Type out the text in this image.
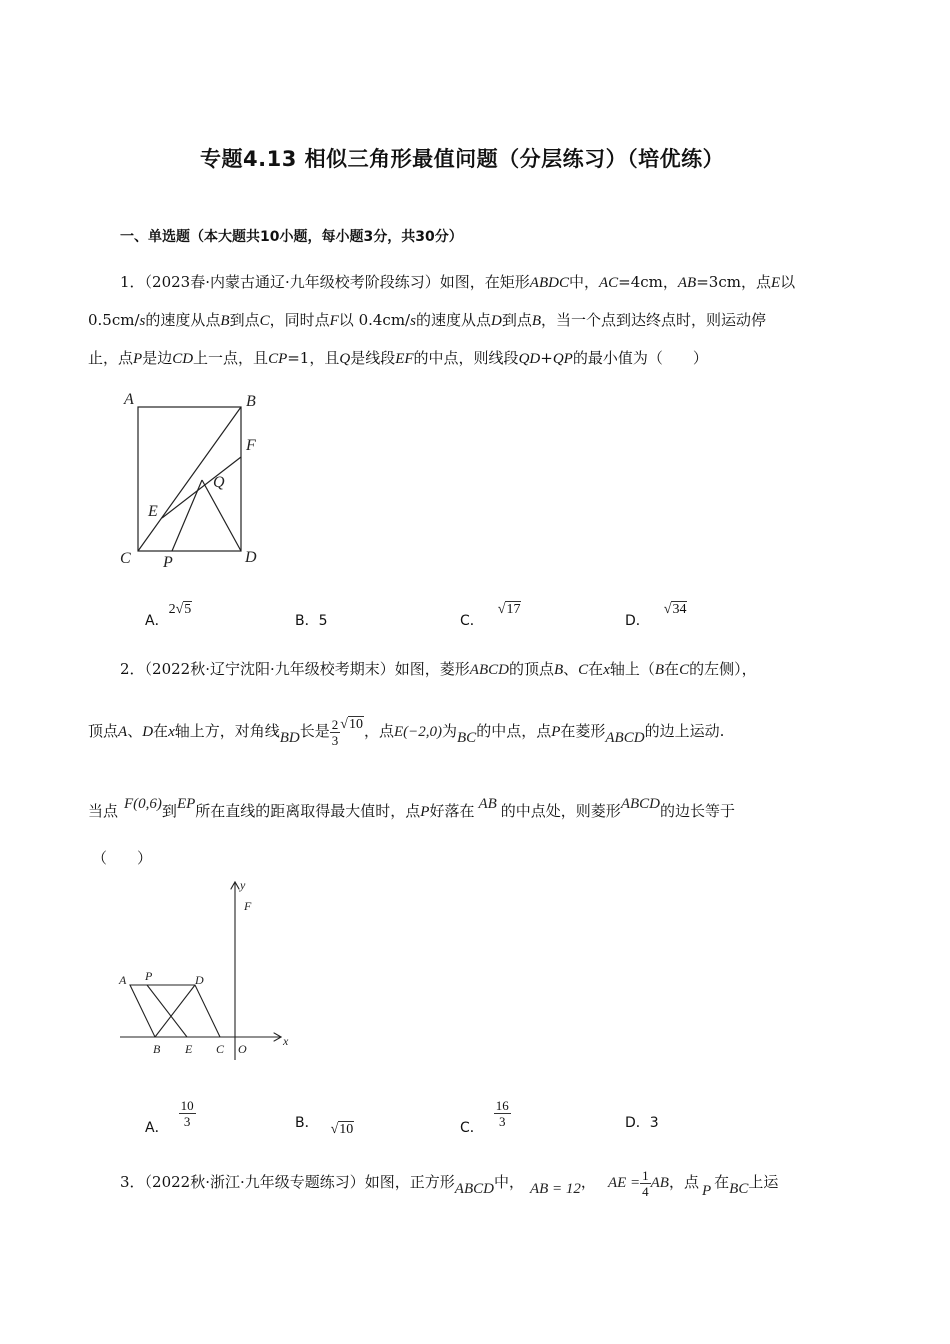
专题4.13 相似三角形最值问题（分层练习）（培优练）
一、单选题（本大题共10小题，每小题3分，共30分）
1．（2023春·内蒙古通辽·九年级校考阶段练习）如图，在矩形ABDC中，AC=4cm，AB=3cm，点E以
0.5cm/s的速度从点B到点C，同时点F以 0.4cm/s的速度从点D到点B，当一个点到达终点时，则运动停
止，点P是边CD上一点，且CP=1，且Q是线段EF的中点，则线段QD+QP的最小值为（　　）
A	B
C	D
E
F
P
Q
A．2√5
B．5	C．√17
D．√34
2．（2022秋·辽宁沈阳·九年级校考期末）如图，菱形ABCD的顶点B、C在x轴上（B在C的左侧），
顶点A、D在x轴上方，对角线BD长是 $\frac{2}{3} √10$，点E(−2,0)为BC的中点，点P在菱形ABCD的边上运动.
当点 F(0,6)到EP所在直线的距离取得最大值时，点P好落在 AB 的中点处，则菱形ABCD的边长等于
（　　）
y
F
A P	D
B E C O
x
A． $\frac{10}{3}$	B． √10	C． $\frac{16}{3}$	D．3
3．（2022秋·浙江·九年级专题练习）如图，正方形ABCD中， AB = 12， AE = $\frac{1}{4}$ AB，点 P 在BC上运
